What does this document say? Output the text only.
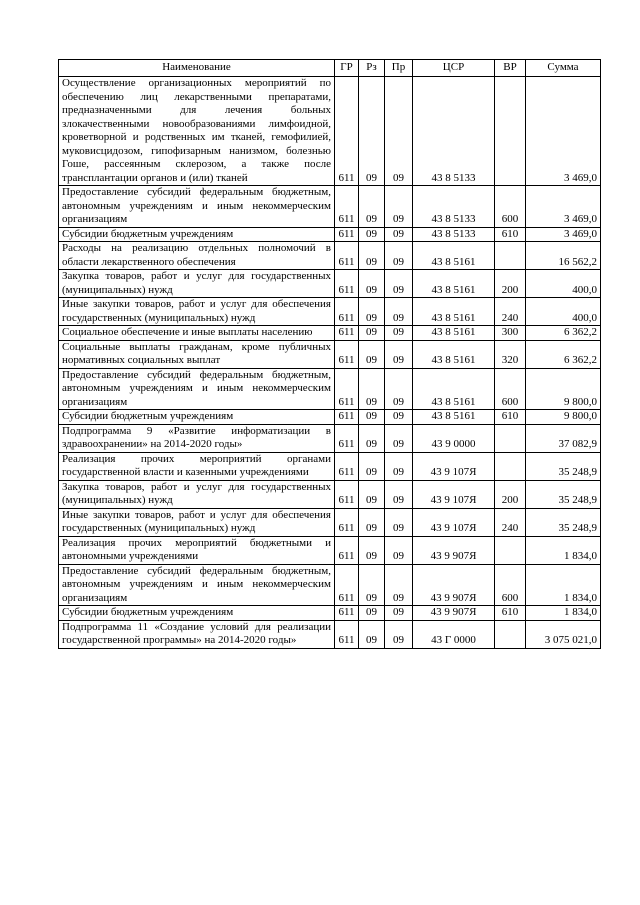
Наименование	ГР	Рз	Пр	ЦСР	ВР	Сумма
Осуществление организационных мероприятий по обеспечению лиц лекарственными препаратами, предназначенными для лечения больных злокачественными новообразованиями лимфоидной, кроветворной и родственных им тканей, гемофилией, муковисцидозом, гипофизарным нанизмом, болезнью Гоше, рассеянным склерозом, а также после трансплантации органов и (или) тканей	611	09	09	43 8 5133		3 469,0
Предоставление субсидий федеральным бюджетным, автономным учреждениям и иным некоммерческим организациям	611	09	09	43 8 5133	600	3 469,0
Субсидии бюджетным учреждениям	611	09	09	43 8 5133	610	3 469,0
Расходы на реализацию отдельных полномочий в области лекарственного обеспечения	611	09	09	43 8 5161		16 562,2
Закупка товаров, работ и услуг для государственных (муниципальных) нужд	611	09	09	43 8 5161	200	400,0
Иные закупки товаров, работ и услуг для обеспечения государственных (муниципальных) нужд	611	09	09	43 8 5161	240	400,0
Социальное обеспечение и иные выплаты населению	611	09	09	43 8 5161	300	6 362,2
Социальные выплаты гражданам, кроме публичных нормативных социальных выплат	611	09	09	43 8 5161	320	6 362,2
Предоставление субсидий федеральным бюджетным, автономным учреждениям и иным некоммерческим организациям	611	09	09	43 8 5161	600	9 800,0
Субсидии бюджетным учреждениям	611	09	09	43 8 5161	610	9 800,0
Подпрограмма 9 «Развитие информатизации в здравоохранении» на 2014-2020 годы»	611	09	09	43 9 0000		37 082,9
Реализация прочих мероприятий органами государственной власти и казенными учреждениями	611	09	09	43 9 107Я		35 248,9
Закупка товаров, работ и услуг для государственных (муниципальных) нужд	611	09	09	43 9 107Я	200	35 248,9
Иные закупки товаров, работ и услуг для обеспечения государственных (муниципальных) нужд	611	09	09	43 9 107Я	240	35 248,9
Реализация прочих мероприятий бюджетными и автономными учреждениями	611	09	09	43 9 907Я		1 834,0
Предоставление субсидий федеральным бюджетным, автономным учреждениям и иным некоммерческим организациям	611	09	09	43 9 907Я	600	1 834,0
Субсидии бюджетным учреждениям	611	09	09	43 9 907Я	610	1 834,0
Подпрограмма 11 «Создание условий для реализации государственной программы» на 2014-2020 годы»	611	09	09	43 Г 0000		3 075 021,0
